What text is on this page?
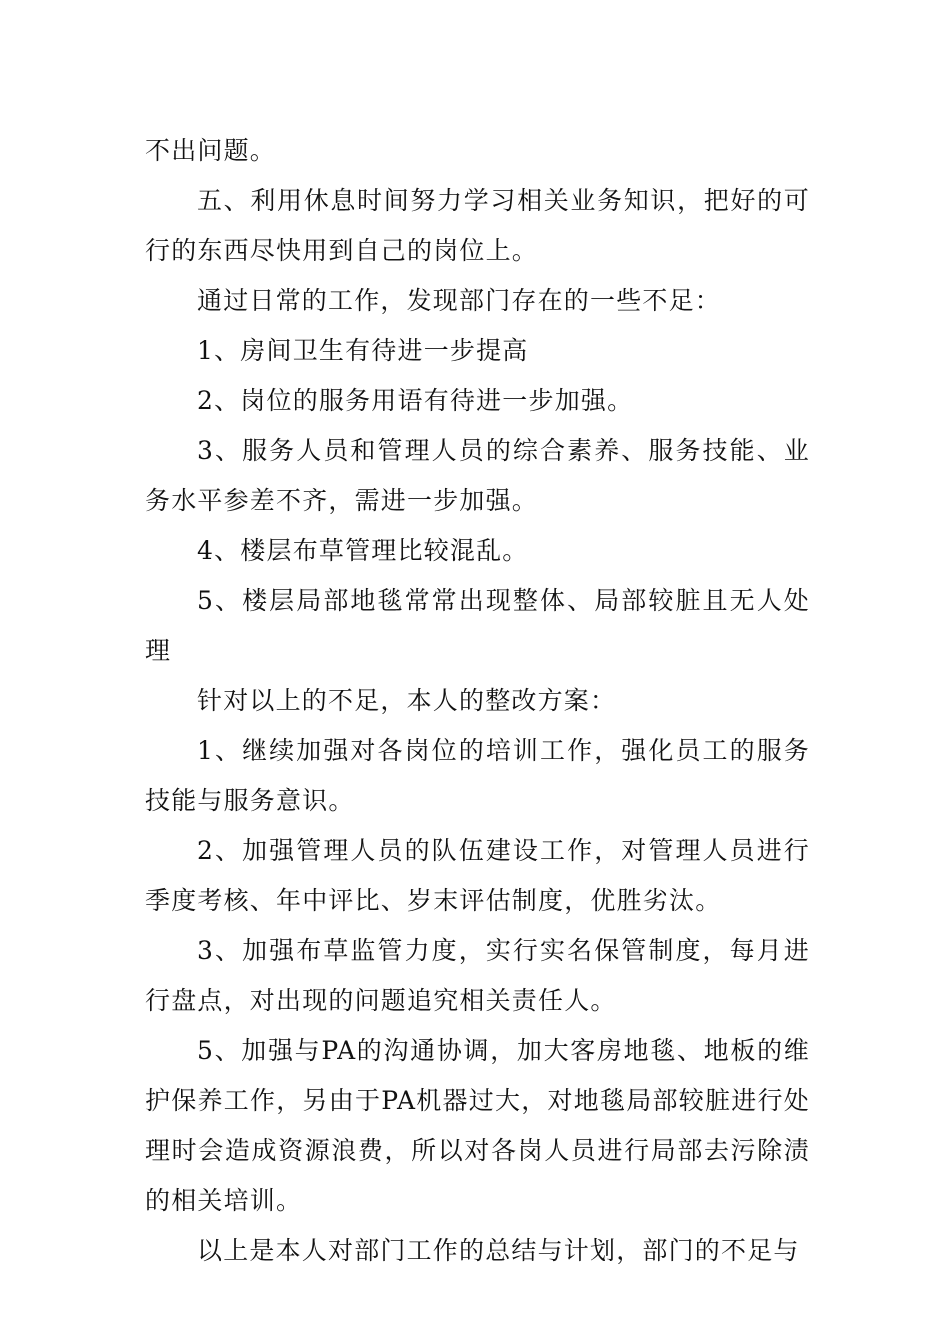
不出问题。

五、利用休息时间努力学习相关业务知识，把好的可行的东西尽快用到自己的岗位上。

通过日常的工作，发现部门存在的一些不足：

1、房间卫生有待进一步提高

2、岗位的服务用语有待进一步加强。

3、服务人员和管理人员的综合素养、服务技能、业务水平参差不齐，需进一步加强。

4、楼层布草管理比较混乱。

5、楼层局部地毯常常出现整体、局部较脏且无人处理

针对以上的不足，本人的整改方案：

1、继续加强对各岗位的培训工作，强化员工的服务技能与服务意识。

2、加强管理人员的队伍建设工作，对管理人员进行季度考核、年中评比、岁末评估制度，优胜劣汰。

3、加强布草监管力度，实行实名保管制度，每月进行盘点，对出现的问题追究相关责任人。

5、加强与PA的沟通协调，加大客房地毯、地板的维护保养工作，另由于PA机器过大，对地毯局部较脏进行处理时会造成资源浪费，所以对各岗人员进行局部去污除渍的相关培训。

以上是本人对部门工作的总结与计划，部门的不足与
